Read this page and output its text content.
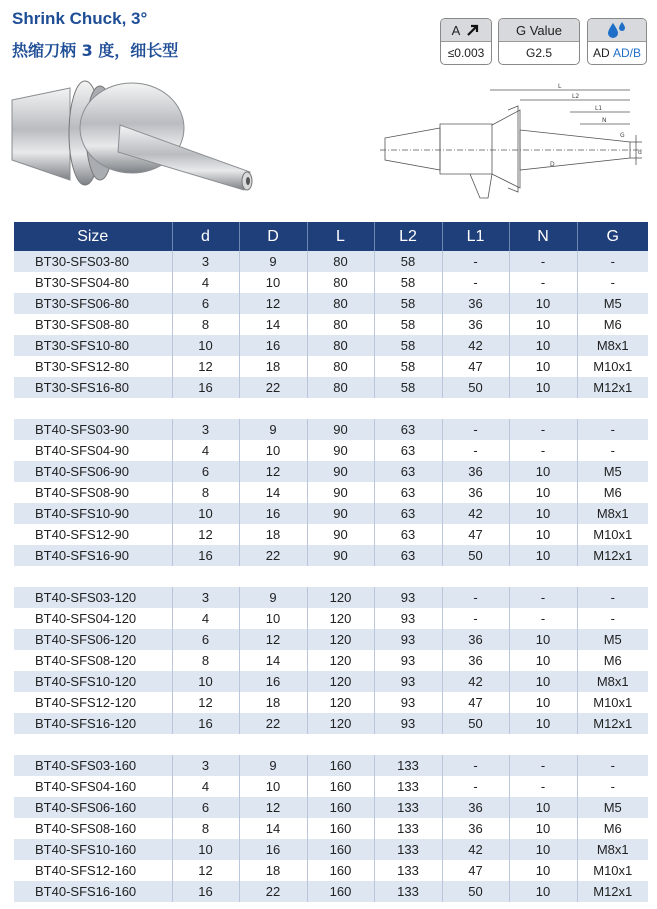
Shrink Chuck, 3°
热缩刀柄 3 度，细长型
A
≤0.003
G Value
G2.5	AD
AD/B
L
L2
L1
N
G
d
D
Size	d	D	L	L2	L1	N	G
BT30-SFS03-80	3	9	80	58	-	-	-
BT30-SFS04-80	4	10	80	58	-	-	-
BT30-SFS06-80	6	12	80	58	36	10	M5
BT30-SFS08-80	8	14	80	58	36	10	M6
BT30-SFS10-80	10	16	80	58	42	10	M8x1
BT30-SFS12-80	12	18	80	58	47	10	M10x1
BT30-SFS16-80	16	22	80	58	50	10	M12x1

BT40-SFS03-90	3	9	90	63	-	-	-
BT40-SFS04-90	4	10	90	63	-	-	-
BT40-SFS06-90	6	12	90	63	36	10	M5
BT40-SFS08-90	8	14	90	63	36	10	M6
BT40-SFS10-90	10	16	90	63	42	10	M8x1
BT40-SFS12-90	12	18	90	63	47	10	M10x1
BT40-SFS16-90	16	22	90	63	50	10	M12x1

BT40-SFS03-120	3	9	120	93	-	-	-
BT40-SFS04-120	4	10	120	93	-	-	-
BT40-SFS06-120	6	12	120	93	36	10	M5
BT40-SFS08-120	8	14	120	93	36	10	M6
BT40-SFS10-120	10	16	120	93	42	10	M8x1
BT40-SFS12-120	12	18	120	93	47	10	M10x1
BT40-SFS16-120	16	22	120	93	50	10	M12x1

BT40-SFS03-160	3	9	160	133	-	-	-
BT40-SFS04-160	4	10	160	133	-	-	-
BT40-SFS06-160	6	12	160	133	36	10	M5
BT40-SFS08-160	8	14	160	133	36	10	M6
BT40-SFS10-160	10	16	160	133	42	10	M8x1
BT40-SFS12-160	12	18	160	133	47	10	M10x1
BT40-SFS16-160	16	22	160	133	50	10	M12x1
